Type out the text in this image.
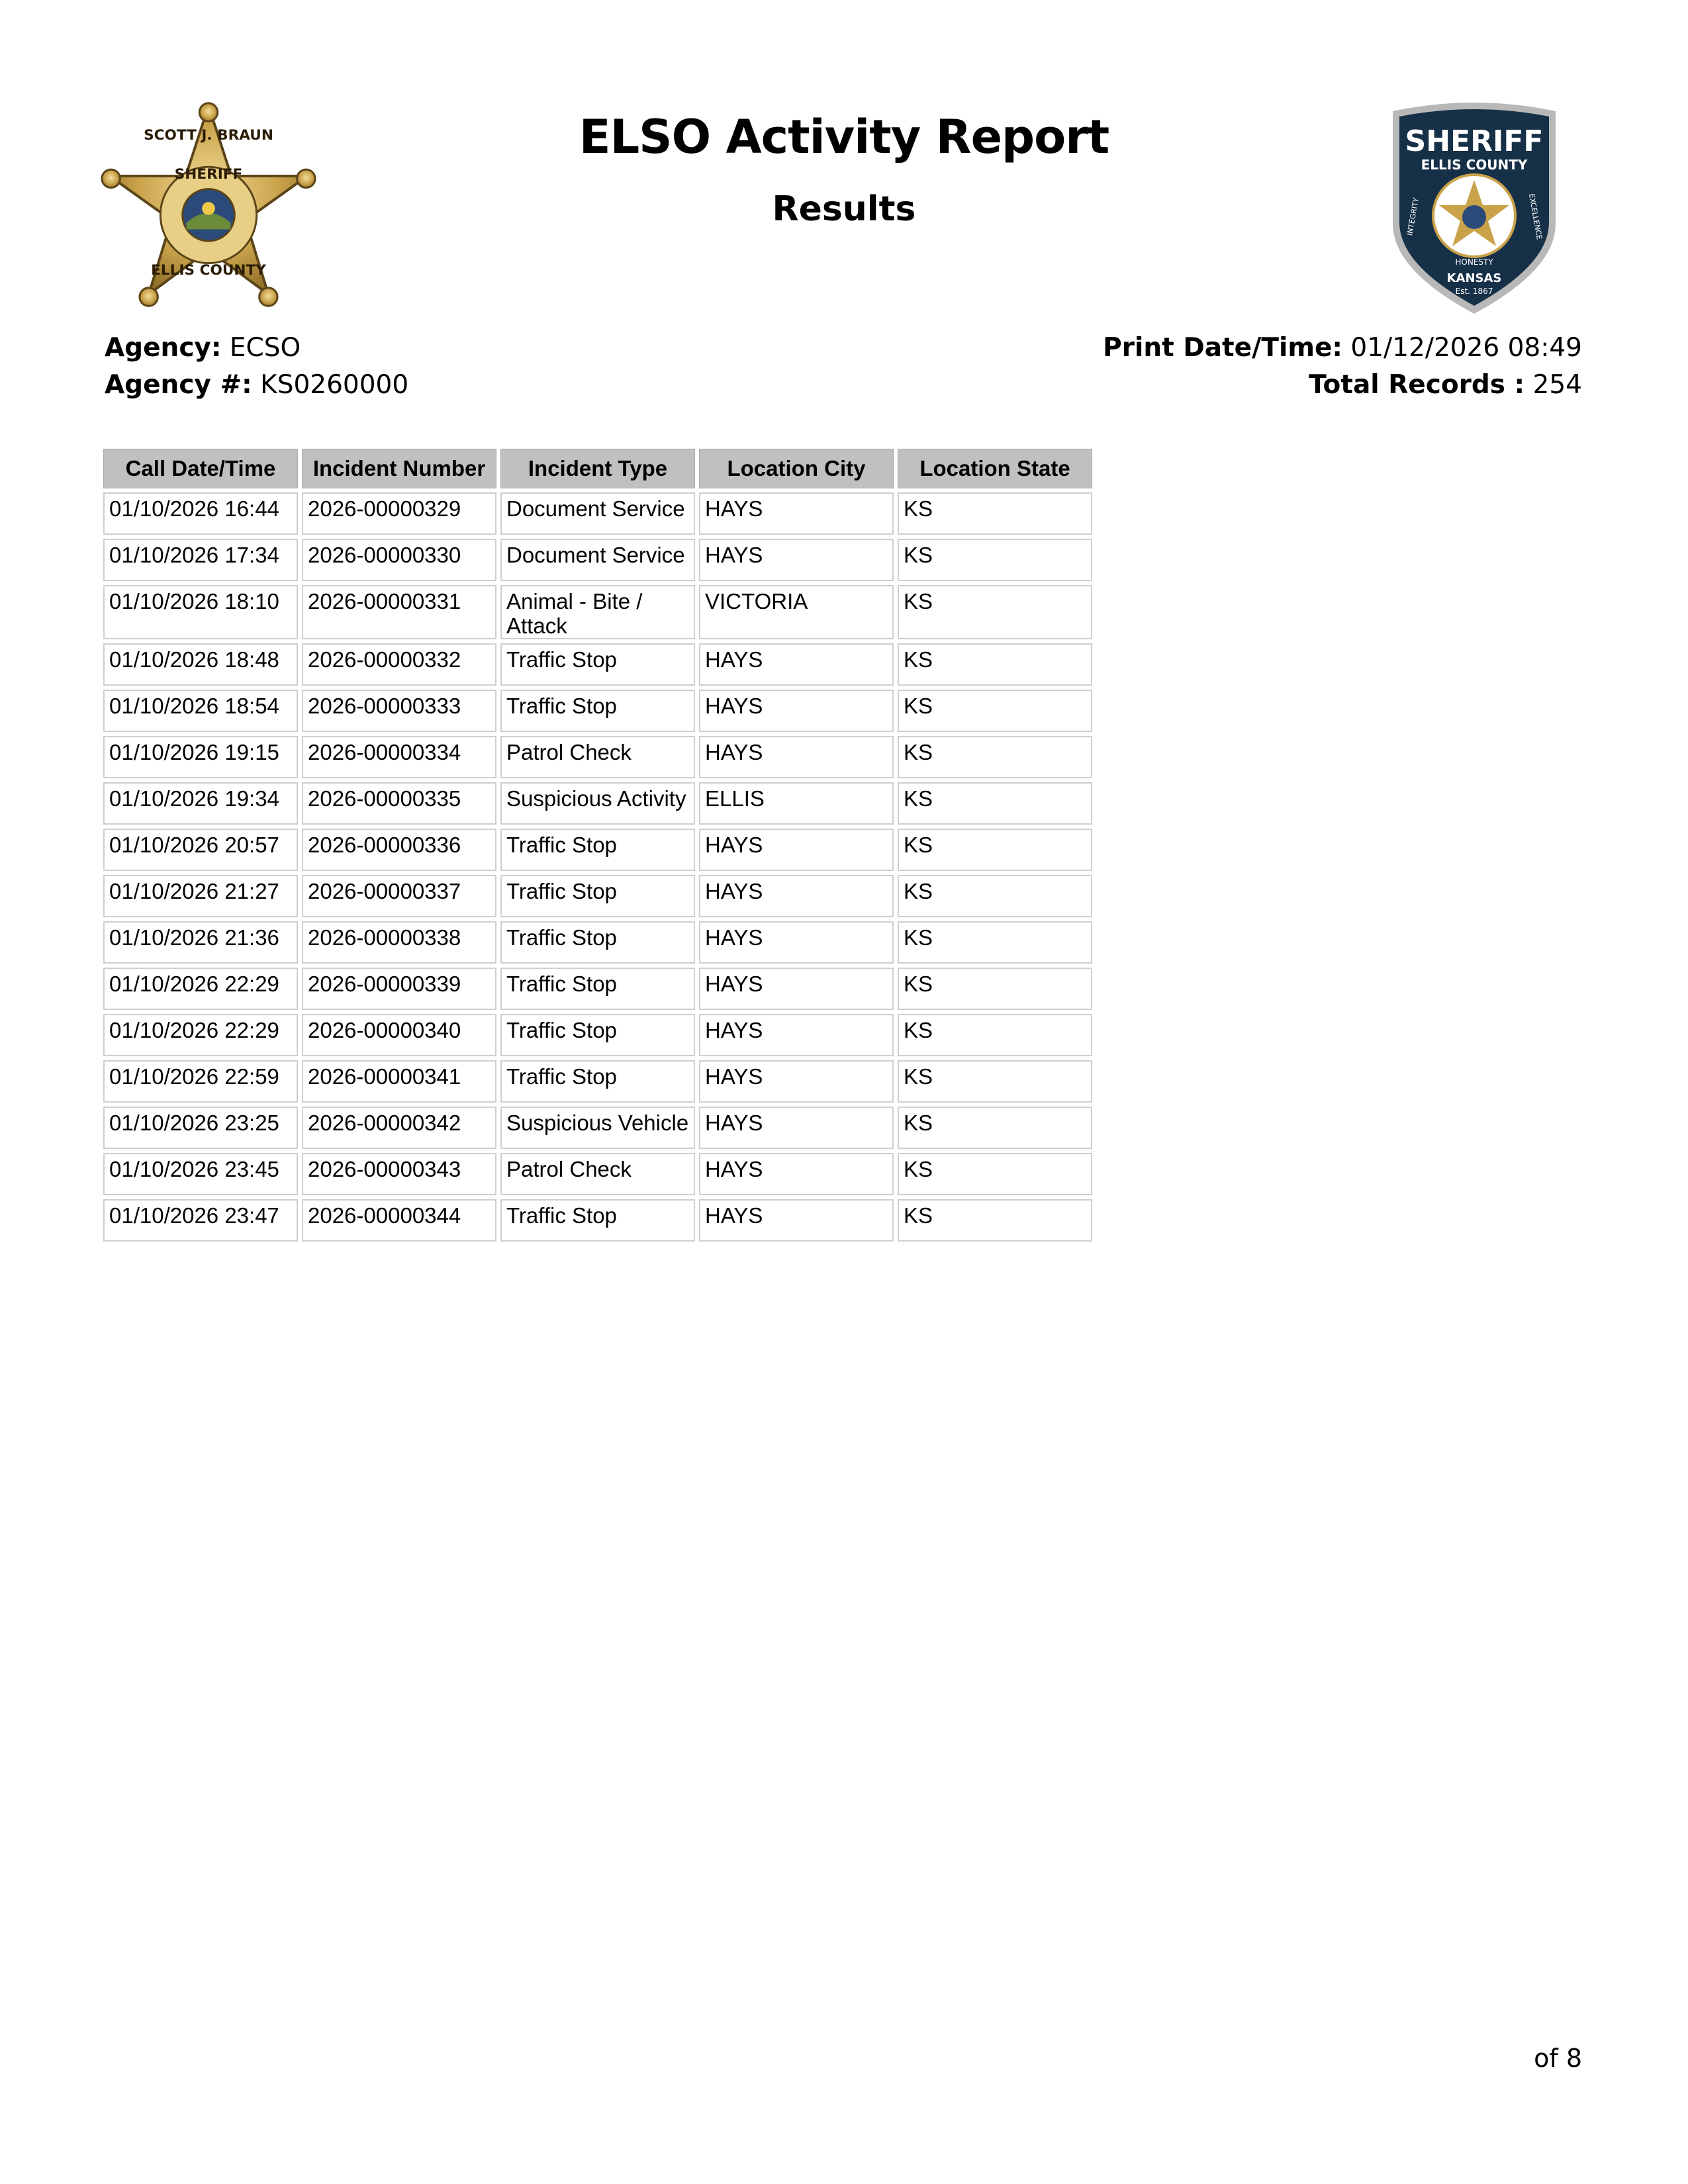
SCOTT J. BRAUN
SHERIFF
ELLIS COUNTY
SHERIFF
ELLIS COUNTY
INTEGRITY	EXCELLENCE
HONESTY
KANSAS
Est. 1867
ELSO Activity Report
Results
Agency: ECSO
Agency #: KS0260000
Print Date/Time: 01/12/2026 08:49
Total Records : 254
Call Date/Time	Incident Number	Incident Type	Location City	Location State
01/10/2026 16:44	2026-00000329	Document Service	HAYS	KS
01/10/2026 17:34	2026-00000330	Document Service	HAYS	KS
01/10/2026 18:10	2026-00000331	Animal - Bite / Attack	VICTORIA	KS
01/10/2026 18:48	2026-00000332	Traffic Stop	HAYS	KS
01/10/2026 18:54	2026-00000333	Traffic Stop	HAYS	KS
01/10/2026 19:15	2026-00000334	Patrol Check	HAYS	KS
01/10/2026 19:34	2026-00000335	Suspicious Activity	ELLIS	KS
01/10/2026 20:57	2026-00000336	Traffic Stop	HAYS	KS
01/10/2026 21:27	2026-00000337	Traffic Stop	HAYS	KS
01/10/2026 21:36	2026-00000338	Traffic Stop	HAYS	KS
01/10/2026 22:29	2026-00000339	Traffic Stop	HAYS	KS
01/10/2026 22:29	2026-00000340	Traffic Stop	HAYS	KS
01/10/2026 22:59	2026-00000341	Traffic Stop	HAYS	KS
01/10/2026 23:25	2026-00000342	Suspicious Vehicle	HAYS	KS
01/10/2026 23:45	2026-00000343	Patrol Check	HAYS	KS
01/10/2026 23:47	2026-00000344	Traffic Stop	HAYS	KS
of 8
